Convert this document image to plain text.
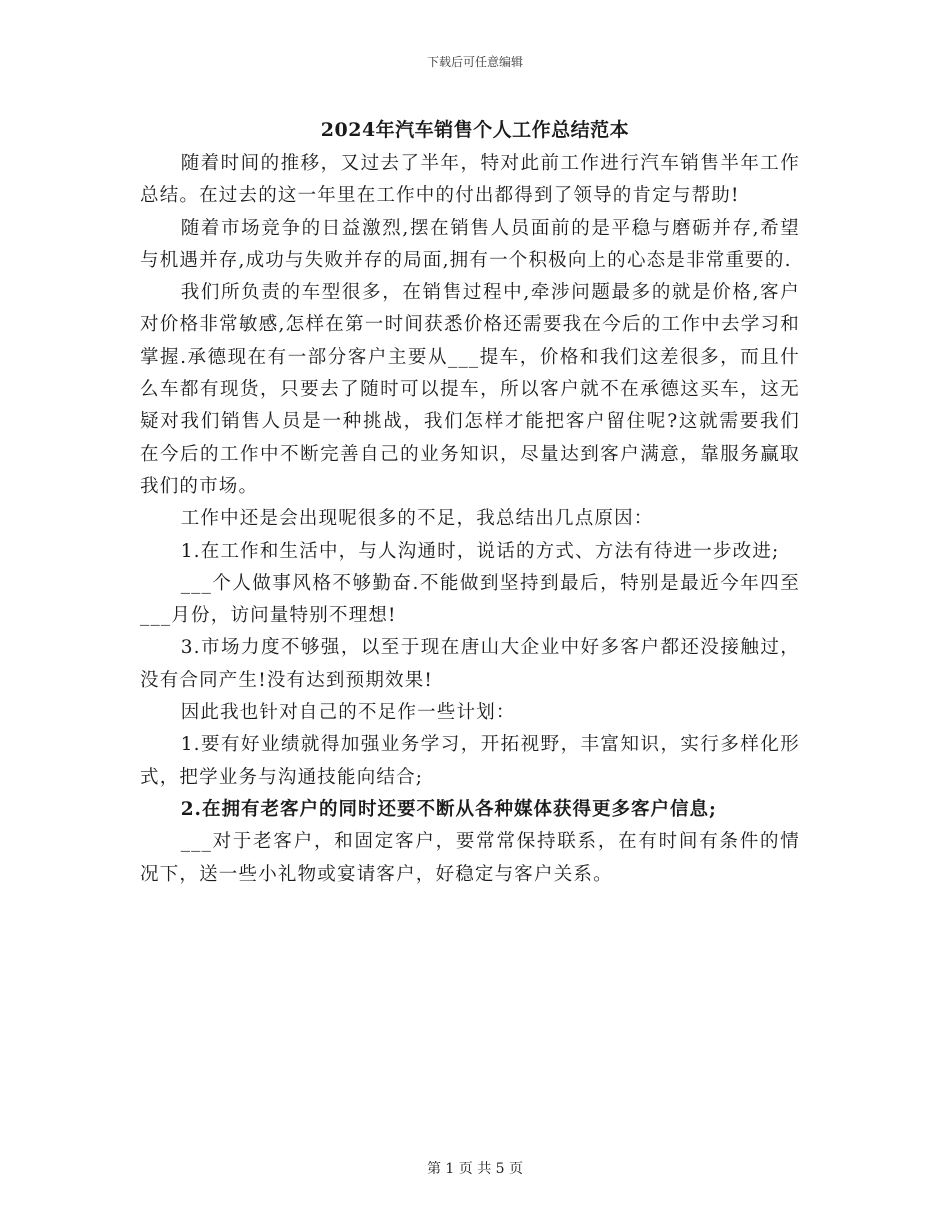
下载后可任意编辑
2024年汽车销售个人工作总结范本

随着时间的推移，又过去了半年，特对此前工作进行汽车销售半年工作总结。在过去的这一年里在工作中的付出都得到了领导的肯定与帮助!

随着市场竞争的日益激烈,摆在销售人员面前的是平稳与磨砺并存,希望与机遇并存,成功与失败并存的局面,拥有一个积极向上的心态是非常重要的.

我们所负责的车型很多，在销售过程中,牵涉问题最多的就是价格,客户对价格非常敏感,怎样在第一时间获悉价格还需要我在今后的工作中去学习和掌握.承德现在有一部分客户主要从___提车，价格和我们这差很多，而且什么车都有现货，只要去了随时可以提车，所以客户就不在承德这买车，这无疑对我们销售人员是一种挑战，我们怎样才能把客户留住呢?这就需要我们在今后的工作中不断完善自己的业务知识，尽量达到客户满意，靠服务赢取我们的市场。

工作中还是会出现呢很多的不足，我总结出几点原因：

1.在工作和生活中，与人沟通时，说话的方式、方法有待进一步改进;

___个人做事风格不够勤奋.不能做到坚持到最后，特别是最近今年四至___月份，访问量特别不理想!

3.市场力度不够强，以至于现在唐山大企业中好多客户都还没接触过，没有合同产生!没有达到预期效果!

因此我也针对自己的不足作一些计划：

1.要有好业绩就得加强业务学习，开拓视野，丰富知识，实行多样化形式，把学业务与沟通技能向结合;

2.在拥有老客户的同时还要不断从各种媒体获得更多客户信息;

___对于老客户，和固定客户，要常常保持联系，在有时间有条件的情况下，送一些小礼物或宴请客户，好稳定与客户关系。

第 1 页 共 5 页
